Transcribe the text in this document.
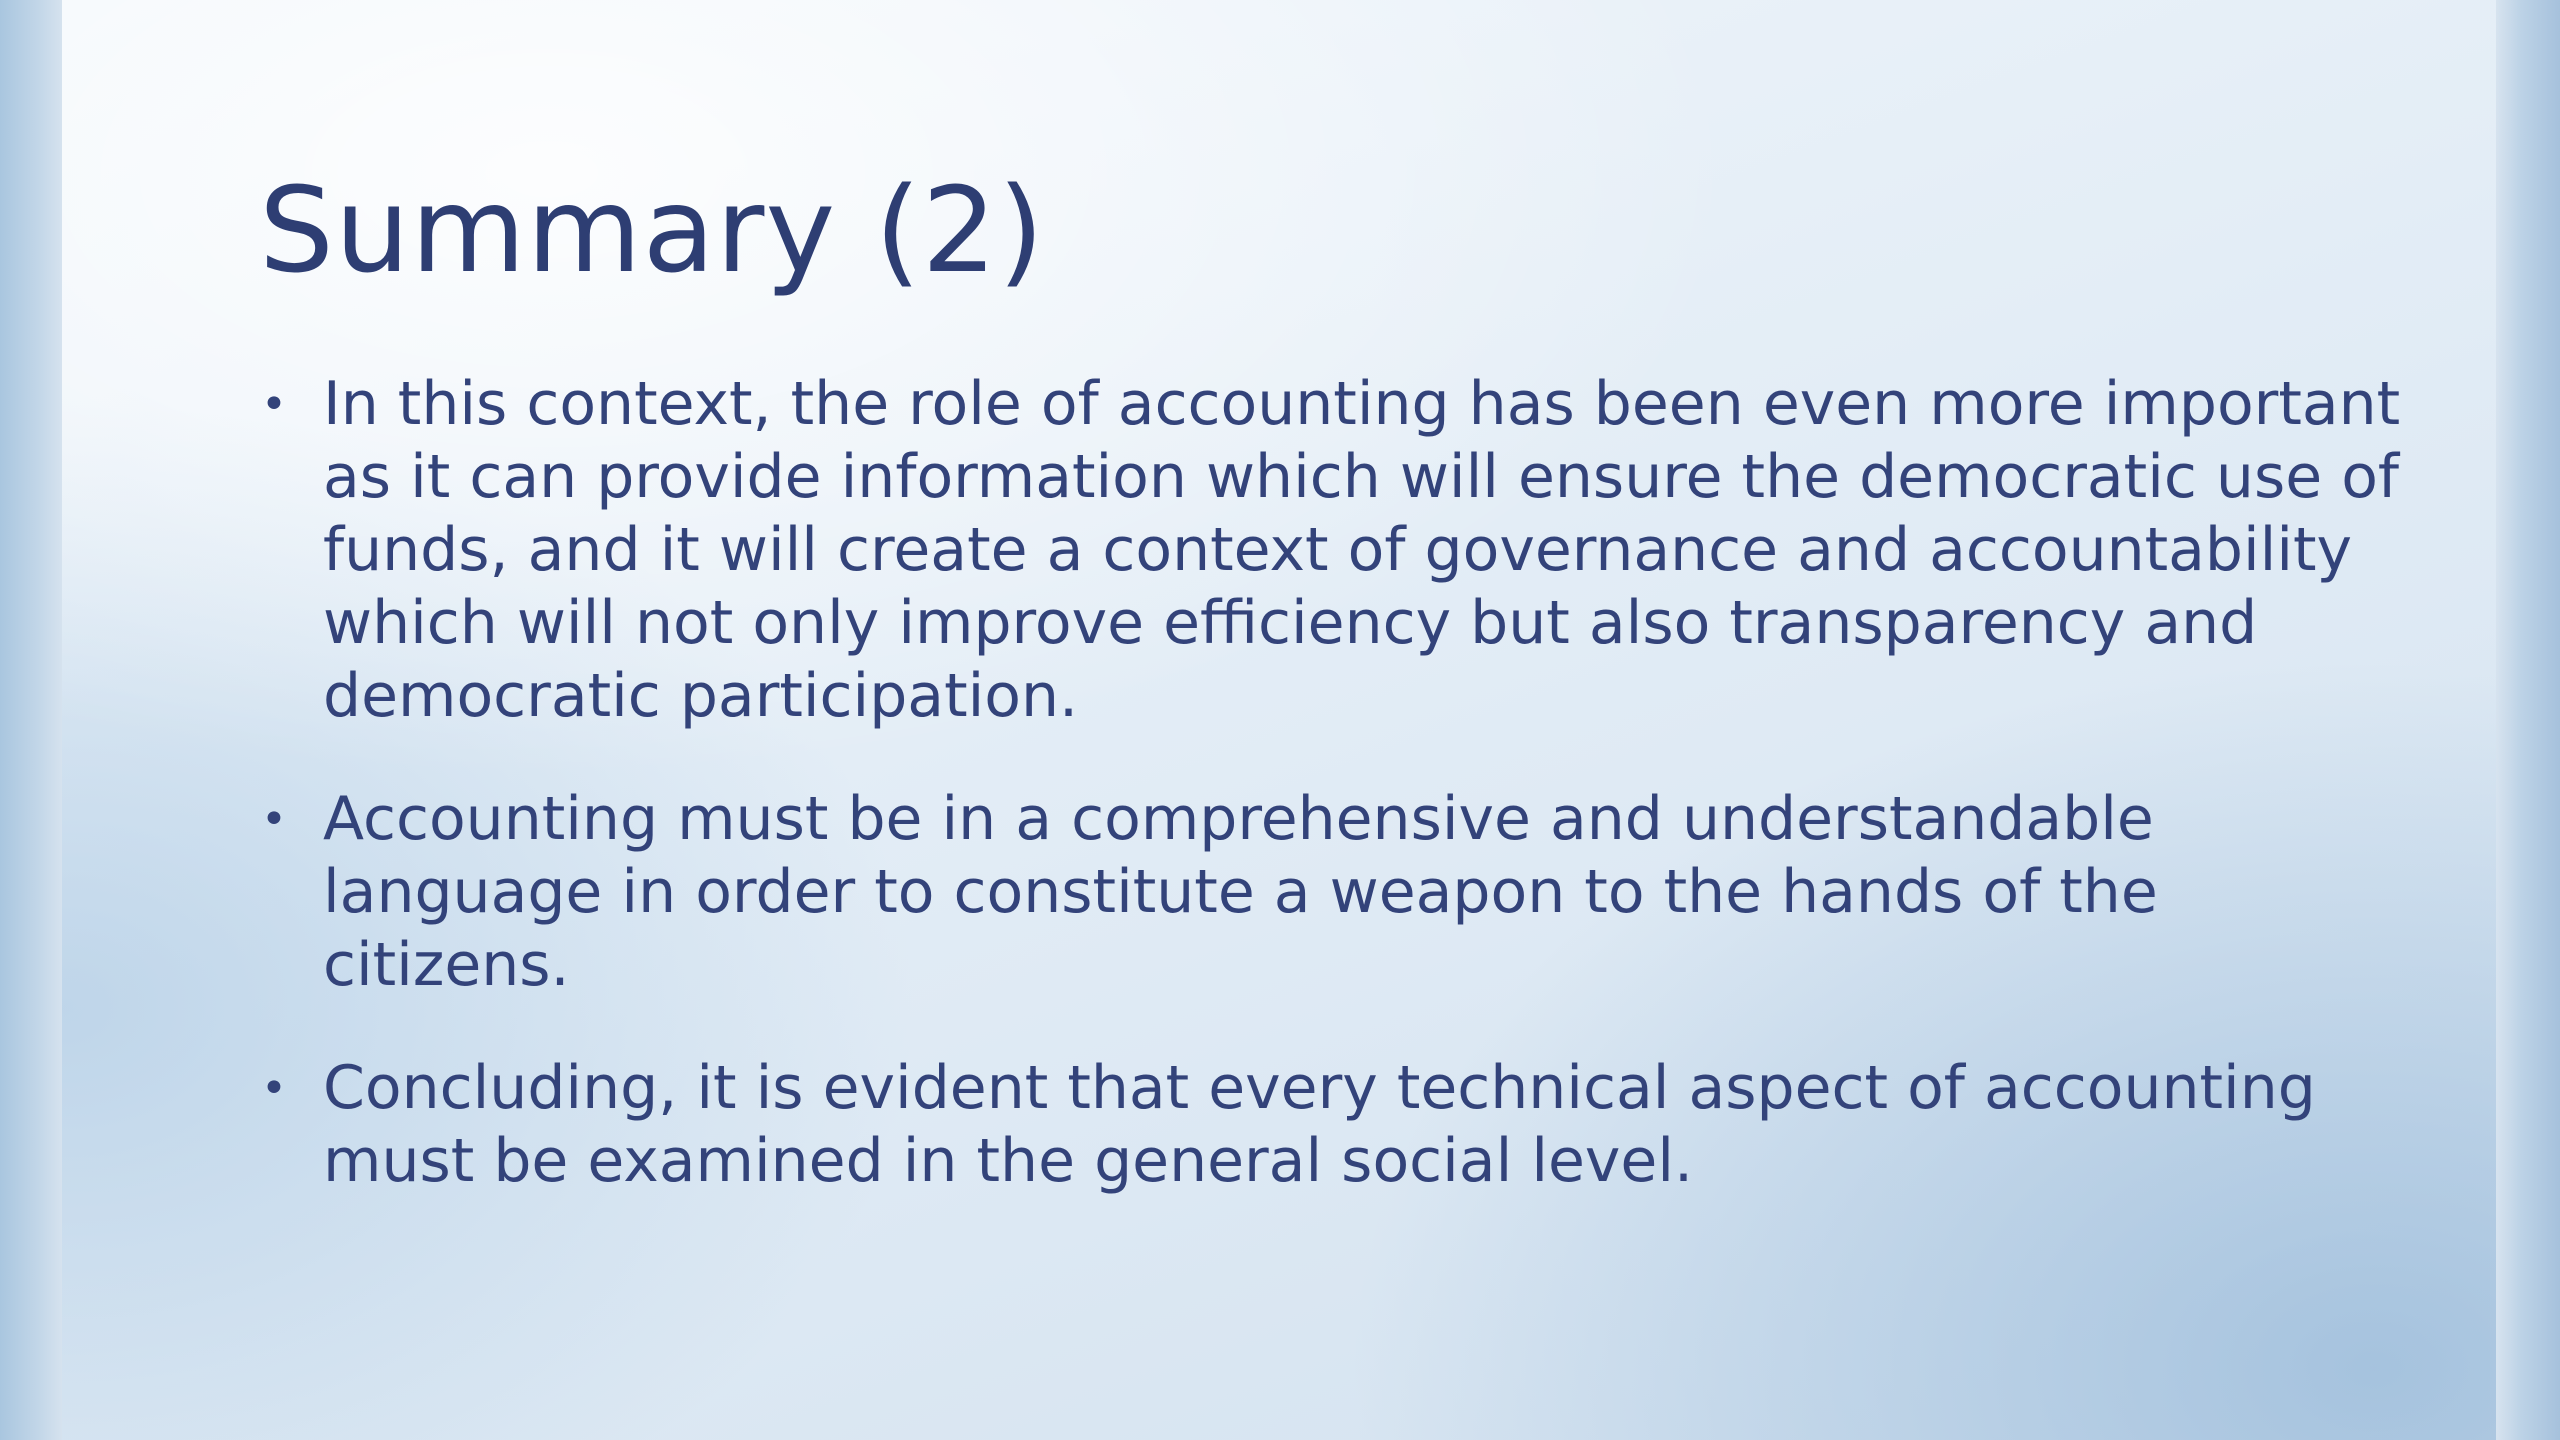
Summary (2)
• In this context, the role of accounting has been even more important as it can provide information which will ensure the democratic use of funds, and it will create a context of governance and accountability which will not only improve efficiency but also transparency and democratic participation.
• Accounting must be in a comprehensive and understandable language in order to constitute a weapon to the hands of the citizens.
• Concluding, it is evident that every technical aspect of accounting must be examined in the general social level.
